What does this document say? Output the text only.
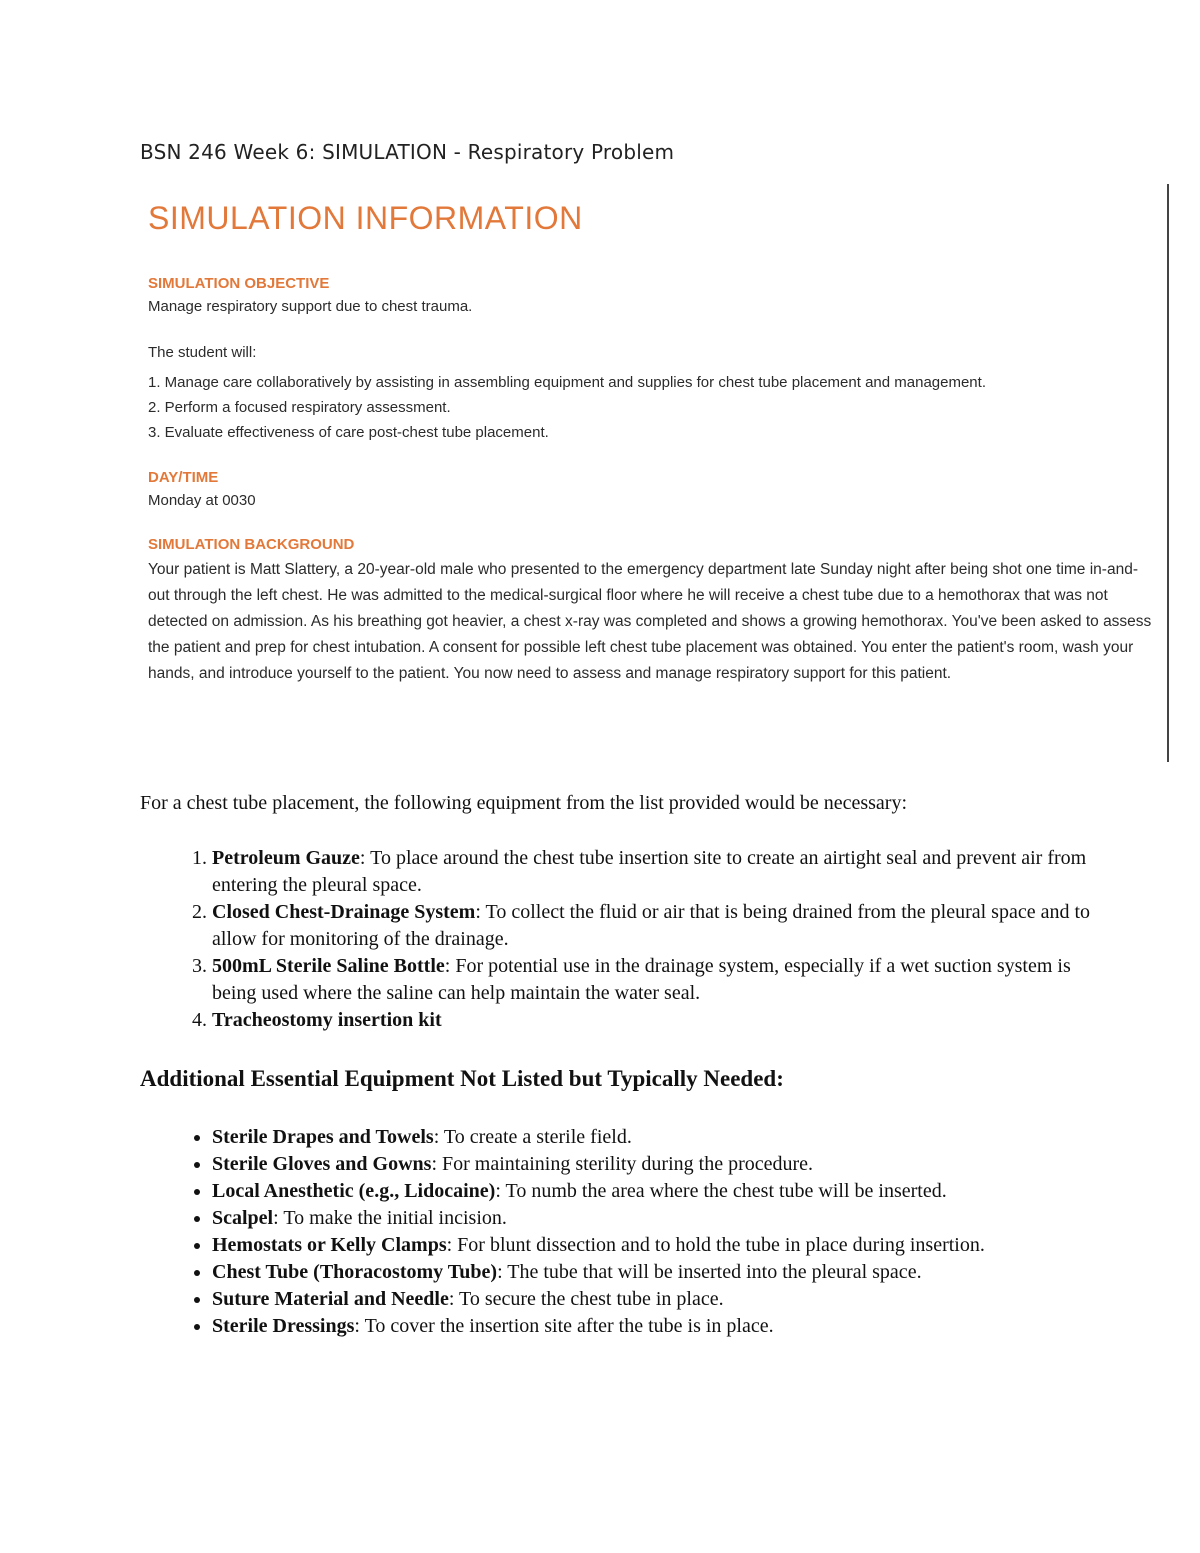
BSN 246 Week 6: SIMULATION - Respiratory Problem
SIMULATION INFORMATION
SIMULATION OBJECTIVE

Manage respiratory support due to chest trauma.

The student will:

1. Manage care collaboratively by assisting in assembling equipment and supplies for chest tube placement and management.
2. Perform a focused respiratory assessment.
3. Evaluate effectiveness of care post-chest tube placement.
DAY/TIME

Monday at 0030

SIMULATION BACKGROUND

Your patient is Matt Slattery, a 20-year-old male who presented to the emergency department late Sunday night after being shot one time in-and-out through the left chest. He was admitted to the medical-surgical floor where he will receive a chest tube due to a hemothorax that was not detected on admission. As his breathing got heavier, a chest x-ray was completed and shows a growing hemothorax. You've been asked to assess the patient and prep for chest intubation. A consent for possible left chest tube placement was obtained. You enter the patient's room, wash your hands, and introduce yourself to the patient. You now need to assess and manage respiratory support for this patient.

For a chest tube placement, the following equipment from the list provided would be necessary:

1. Petroleum Gauze: To place around the chest tube insertion site to create an airtight seal and prevent air from entering the pleural space.
2. Closed Chest-Drainage System: To collect the fluid or air that is being drained from the pleural space and to allow for monitoring of the drainage.
3. 500mL Sterile Saline Bottle: For potential use in the drainage system, especially if a wet suction system is being used where the saline can help maintain the water seal.
4. Tracheostomy insertion kit
Additional Essential Equipment Not Listed but Typically Needed:
• Sterile Drapes and Towels: To create a sterile field.
• Sterile Gloves and Gowns: For maintaining sterility during the procedure.
• Local Anesthetic (e.g., Lidocaine): To numb the area where the chest tube will be inserted.
• Scalpel: To make the initial incision.
• Hemostats or Kelly Clamps: For blunt dissection and to hold the tube in place during insertion.
• Chest Tube (Thoracostomy Tube): The tube that will be inserted into the pleural space.
• Suture Material and Needle: To secure the chest tube in place.
• Sterile Dressings: To cover the insertion site after the tube is in place.
